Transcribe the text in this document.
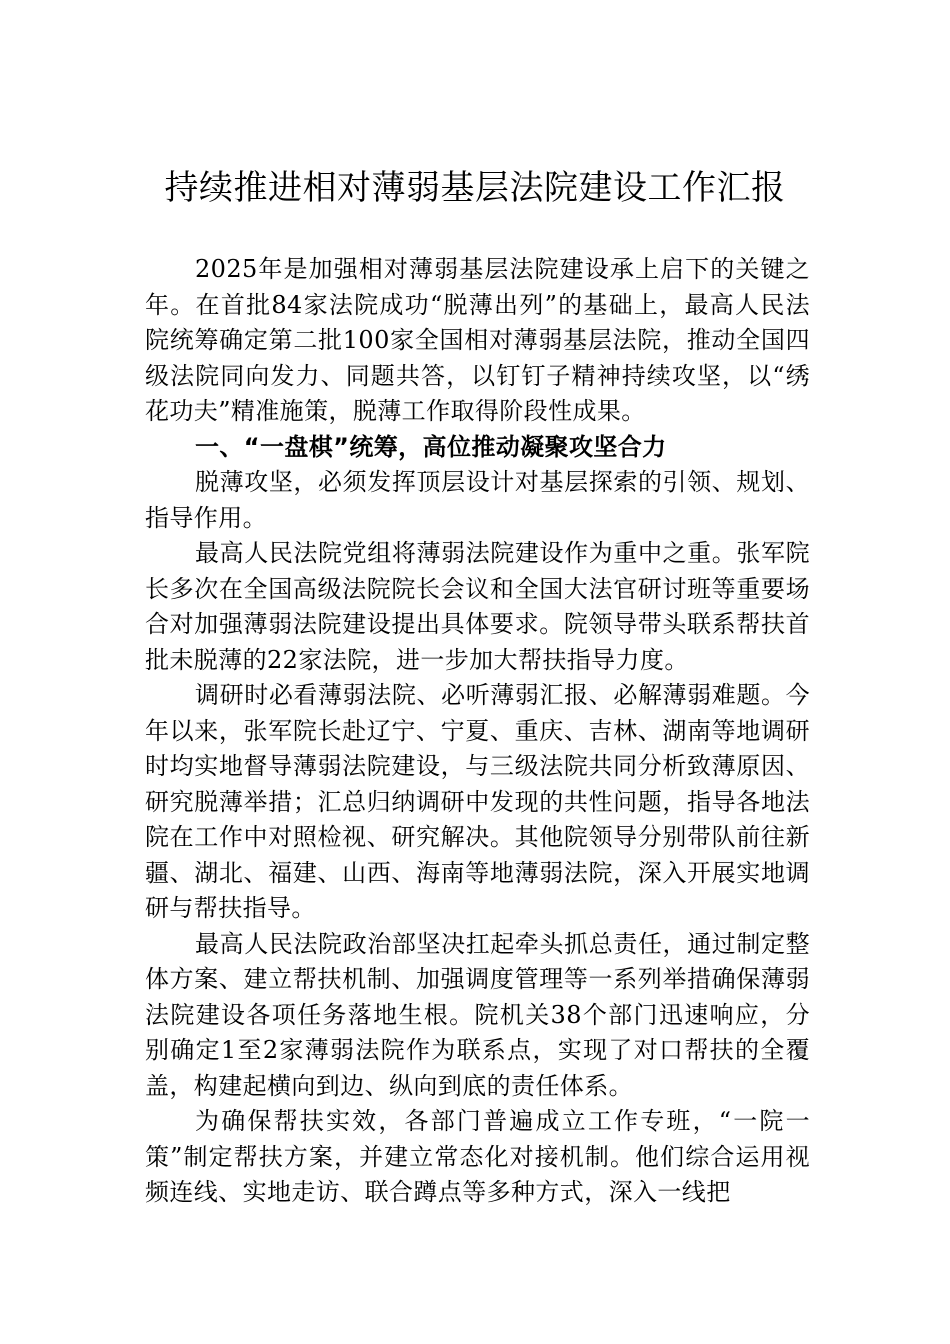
持续推进相对薄弱基层法院建设工作汇报

2025年是加强相对薄弱基层法院建设承上启下的关键之年。在首批84家法院成功“脱薄出列”的基础上，最高人民法院统筹确定第二批100家全国相对薄弱基层法院，推动全国四级法院同向发力、同题共答，以钉钉子精神持续攻坚，以“绣花功夫”精准施策，脱薄工作取得阶段性成果。

一、“一盘棋”统筹，高位推动凝聚攻坚合力

脱薄攻坚，必须发挥顶层设计对基层探索的引领、规划、指导作用。

最高人民法院党组将薄弱法院建设作为重中之重。张军院长多次在全国高级法院院长会议和全国大法官研讨班等重要场合对加强薄弱法院建设提出具体要求。院领导带头联系帮扶首批未脱薄的22家法院，进一步加大帮扶指导力度。

调研时必看薄弱法院、必听薄弱汇报、必解薄弱难题。今年以来，张军院长赴辽宁、宁夏、重庆、吉林、湖南等地调研时均实地督导薄弱法院建设，与三级法院共同分析致薄原因、研究脱薄举措；汇总归纳调研中发现的共性问题，指导各地法院在工作中对照检视、研究解决。其他院领导分别带队前往新疆、湖北、福建、山西、海南等地薄弱法院，深入开展实地调研与帮扶指导。

最高人民法院政治部坚决扛起牵头抓总责任，通过制定整体方案、建立帮扶机制、加强调度管理等一系列举措确保薄弱法院建设各项任务落地生根。院机关38个部门迅速响应，分别确定1至2家薄弱法院作为联系点，实现了对口帮扶的全覆盖，构建起横向到边、纵向到底的责任体系。

为确保帮扶实效，各部门普遍成立工作专班，“一院一策”制定帮扶方案，并建立常态化对接机制。他们综合运用视频连线、实地走访、联合蹲点等多种方式，深入一线把
